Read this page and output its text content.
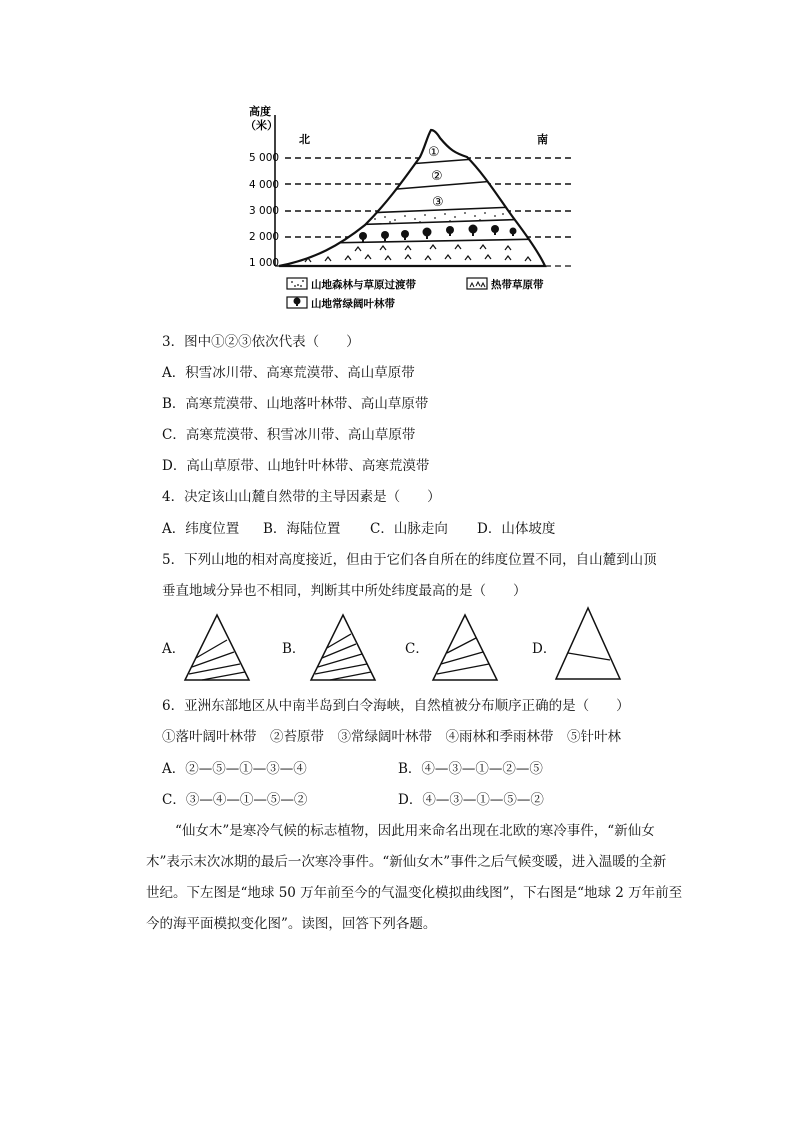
高度
（米）
5 000
4 000
3 000
2 000
1 000
北	南
①
②
③
山地森林与草原过渡带	热带草原带
山地常绿阔叶林带
3．图中①②③依次代表（　　）
A．积雪冰川带、高寒荒漠带、高山草原带
B．高寒荒漠带、山地落叶林带、高山草原带
C．高寒荒漠带、积雪冰川带、高山草原带
D．高山草原带、山地针叶林带、高寒荒漠带
4．决定该山山麓自然带的主导因素是（　　）
A．纬度位置 B．海陆位置 C．山脉走向 D．山体坡度
5．下列山地的相对高度接近，但由于它们各自所在的纬度位置不同，自山麓到山顶
垂直地域分异也不相同，判断其中所处纬度最高的是（　　）
A．	B．	C．	D．
6．亚洲东部地区从中南半岛到白令海峡，自然植被分布顺序正确的是（　　）
①落叶阔叶林带　②苔原带　③常绿阔叶林带　④雨林和季雨林带　⑤针叶林
A．②—⑤—①—③—④	B．④—③—①—②—⑤
C．③—④—①—⑤—②	D．④—③—①—⑤—②
“仙女木”是寒冷气候的标志植物，因此用来命名出现在北欧的寒冷事件，“新仙女
木”表示末次冰期的最后一次寒冷事件。“新仙女木”事件之后气候变暖，进入温暖的全新
世纪。下左图是“地球 50 万年前至今的气温变化模拟曲线图”，下右图是“地球 2 万年前至
今的海平面模拟变化图”。读图，回答下列各题。
